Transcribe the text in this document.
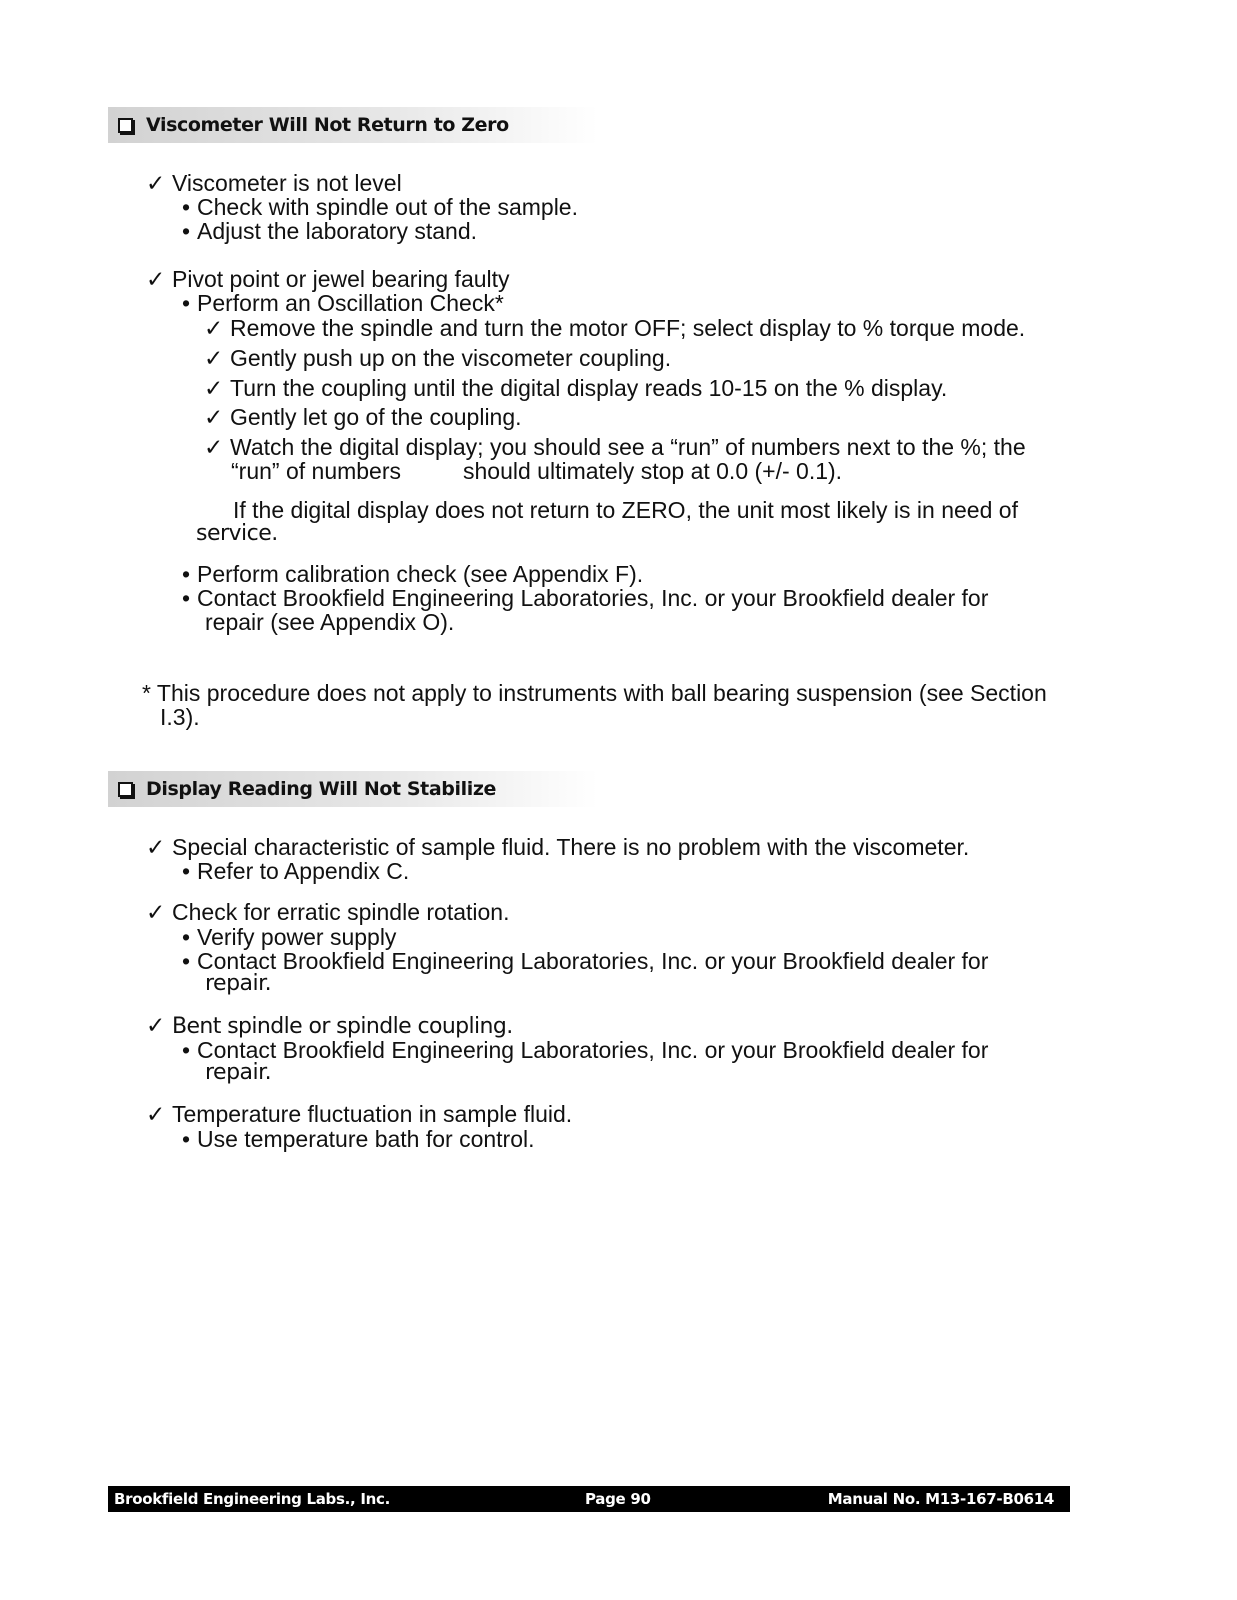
Viscometer Will Not Return to Zero
✓ Viscometer is not level
• Check with spindle out of the sample.
• Adjust the laboratory stand.
✓ Pivot point or jewel bearing faulty
• Perform an Oscillation Check*
✓ Remove the spindle and turn the motor OFF; select display to % torque mode.
✓ Gently push up on the viscometer coupling.
✓ Turn the coupling until the digital display reads 10-15 on the % display.
✓ Gently let go of the coupling.
✓ Watch the digital display; you should see a “run” of numbers next to the %; the
“run” of numbers	should ultimately stop at 0.0 (+/- 0.1).
If the digital display does not return to ZERO, the unit most likely is in need of
service.
• Perform calibration check (see Appendix F).
• Contact Brookfield Engineering Laboratories, Inc. or your Brookfield dealer for
repair (see Appendix O).
* This procedure does not apply to instruments with ball bearing suspension (see Section
I.3).
Display Reading Will Not Stabilize
✓ Special characteristic of sample fluid. There is no problem with the viscometer.
• Refer to Appendix C.
✓ Check for erratic spindle rotation.
• Verify power supply
• Contact Brookfield Engineering Laboratories, Inc. or your Brookfield dealer for
repair.
✓ Bent spindle or spindle coupling.
• Contact Brookfield Engineering Laboratories, Inc. or your Brookfield dealer for
repair.
✓ Temperature fluctuation in sample fluid.
• Use temperature bath for control.
Brookfield Engineering Labs., Inc.	Page 90	Manual No. M13-167-B0614
